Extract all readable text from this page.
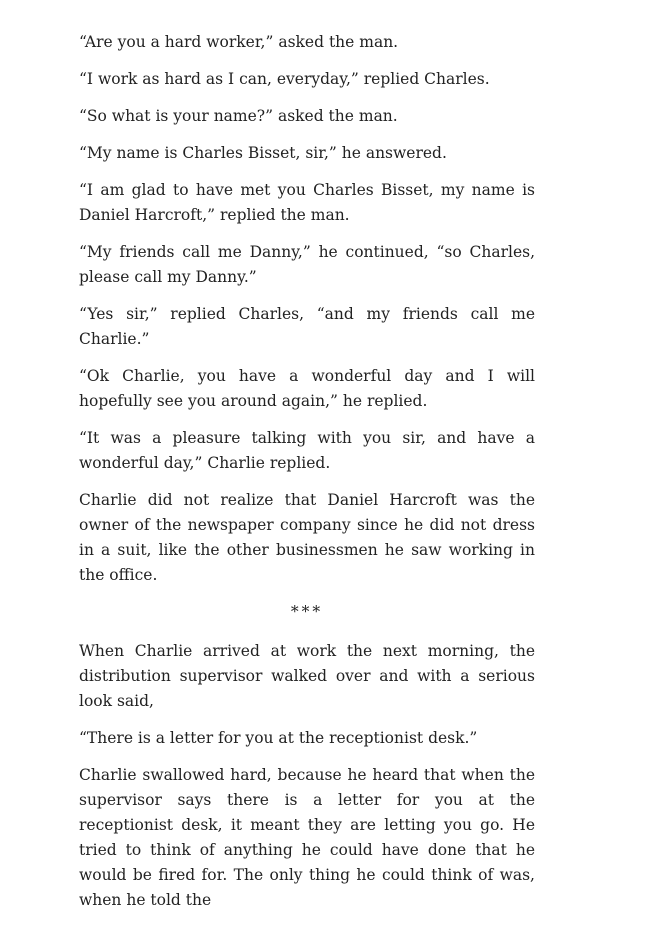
“Are you a hard worker,” asked the man.

“I work as hard as I can, everyday,” replied Charles.

“So what is your name?” asked the man.

“My name is Charles Bisset, sir,” he answered.

“I am glad to have met you Charles Bisset, my name is Daniel Harcroft,” replied the man.

“My friends call me Danny,” he continued, “so Charles, please call my Danny.”

“Yes sir,” replied Charles, “and my friends call me Charlie.”

“Ok Charlie, you have a wonderful day and I will hopefully see you around again,” he replied.

“It was a pleasure talking with you sir, and have a wonderful day,” Charlie replied.

Charlie did not realize that Daniel Harcroft was the owner of the newspaper company since he did not dress in a suit, like the other businessmen he saw working in the office.

***

When Charlie arrived at work the next morning, the distribution supervisor walked over and with a serious look said,

“There is a letter for you at the receptionist desk.”

Charlie swallowed hard, because he heard that when the supervisor says there is a letter for you at the receptionist desk, it meant they are letting you go. He tried to think of anything he could have done that he would be fired for. The only thing he could think of was, when he told the
